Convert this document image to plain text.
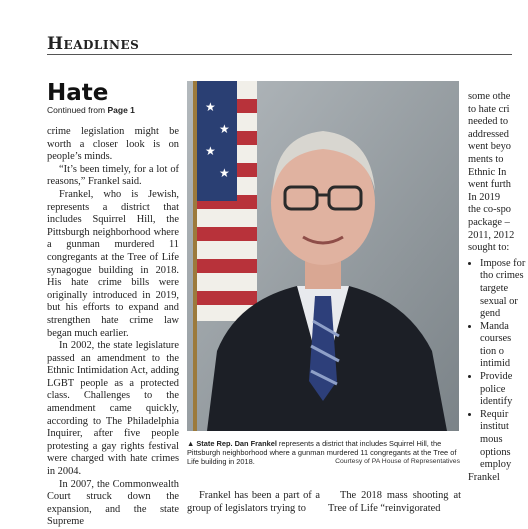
Headlines
Hate
Continued from Page 1

crime legislation might be worth a closer look is on people’s minds.

“It’s been timely, for a lot of reasons,” Frankel said.

Frankel, who is Jewish, represents a district that includes Squirrel Hill, the Pittsburgh neighborhood where a gunman murdered 11 congregants at the Tree of Life synagogue building in 2018. His hate crime bills were originally introduced in 2019, but his efforts to expand and strengthen hate crime law began much earlier.

In 2002, the state legislature passed an amendment to the Ethnic Intimidation Act, adding LGBT people as a protected class. Challenges to the amendment came quickly, according to The Philadelphia Inquirer, after five people protesting a gay rights festival were charged with hate crimes in 2004.

In 2007, the Commonwealth Court struck down the expansion, and the state Supreme

★
★
★
★
▲ State Rep. Dan Frankel represents a district that includes Squirrel Hill, the Pittsburgh neighborhood where a gunman murdered 11 congregants at the Tree of Life building in 2018.	Courtesy of PA House of Representatives

Frankel has been a part of a group of legislators trying to

The 2018 mass shooting at Tree of Life “reinvigorated

some othe
to hate cri
needed to
addressed
went beyo
ments to
Ethnic In
went furth
In 2019
the co-spo
package –
2011, 2012
sought to:
• Impose for tho crimes targete sexual or gend
• Manda courses tion o intimid
• Provide police identify
• Requir institut mous options employ
Frankel
